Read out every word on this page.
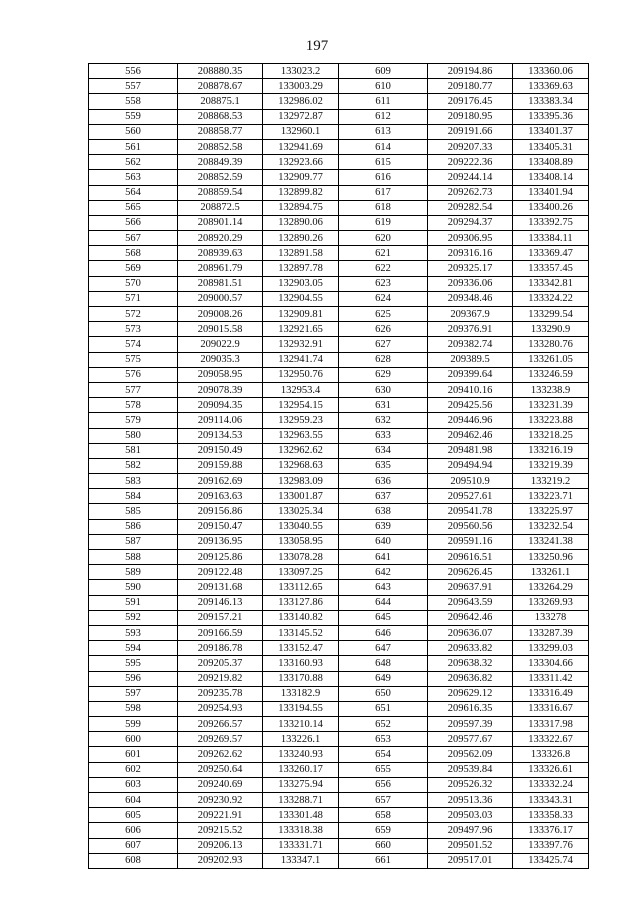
197
556	208880.35	133023.2	609	209194.86	133360.06
557	208878.67	133003.29	610	209180.77	133369.63
558	208875.1	132986.02	611	209176.45	133383.34
559	208868.53	132972.87	612	209180.95	133395.36
560	208858.77	132960.1	613	209191.66	133401.37
561	208852.58	132941.69	614	209207.33	133405.31
562	208849.39	132923.66	615	209222.36	133408.89
563	208852.59	132909.77	616	209244.14	133408.14
564	208859.54	132899.82	617	209262.73	133401.94
565	208872.5	132894.75	618	209282.54	133400.26
566	208901.14	132890.06	619	209294.37	133392.75
567	208920.29	132890.26	620	209306.95	133384.11
568	208939.63	132891.58	621	209316.16	133369.47
569	208961.79	132897.78	622	209325.17	133357.45
570	208981.51	132903.05	623	209336.06	133342.81
571	209000.57	132904.55	624	209348.46	133324.22
572	209008.26	132909.81	625	209367.9	133299.54
573	209015.58	132921.65	626	209376.91	133290.9
574	209022.9	132932.91	627	209382.74	133280.76
575	209035.3	132941.74	628	209389.5	133261.05
576	209058.95	132950.76	629	209399.64	133246.59
577	209078.39	132953.4	630	209410.16	133238.9
578	209094.35	132954.15	631	209425.56	133231.39
579	209114.06	132959.23	632	209446.96	133223.88
580	209134.53	132963.55	633	209462.46	133218.25
581	209150.49	132962.62	634	209481.98	133216.19
582	209159.88	132968.63	635	209494.94	133219.39
583	209162.69	132983.09	636	209510.9	133219.2
584	209163.63	133001.87	637	209527.61	133223.71
585	209156.86	133025.34	638	209541.78	133225.97
586	209150.47	133040.55	639	209560.56	133232.54
587	209136.95	133058.95	640	209591.16	133241.38
588	209125.86	133078.28	641	209616.51	133250.96
589	209122.48	133097.25	642	209626.45	133261.1
590	209131.68	133112.65	643	209637.91	133264.29
591	209146.13	133127.86	644	209643.59	133269.93
592	209157.21	133140.82	645	209642.46	133278
593	209166.59	133145.52	646	209636.07	133287.39
594	209186.78	133152.47	647	209633.82	133299.03
595	209205.37	133160.93	648	209638.32	133304.66
596	209219.82	133170.88	649	209636.82	133311.42
597	209235.78	133182.9	650	209629.12	133316.49
598	209254.93	133194.55	651	209616.35	133316.67
599	209266.57	133210.14	652	209597.39	133317.98
600	209269.57	133226.1	653	209577.67	133322.67
601	209262.62	133240.93	654	209562.09	133326.8
602	209250.64	133260.17	655	209539.84	133326.61
603	209240.69	133275.94	656	209526.32	133332.24
604	209230.92	133288.71	657	209513.36	133343.31
605	209221.91	133301.48	658	209503.03	133358.33
606	209215.52	133318.38	659	209497.96	133376.17
607	209206.13	133331.71	660	209501.52	133397.76
608	209202.93	133347.1	661	209517.01	133425.74
